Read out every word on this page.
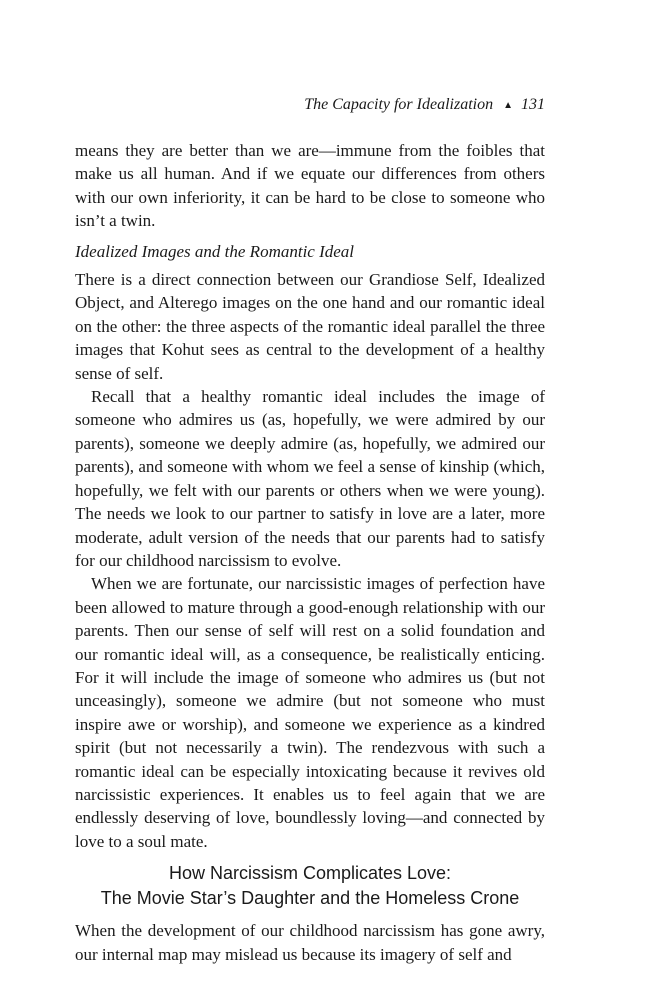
The Capacity for Idealization ▲ 131

means they are better than we are—immune from the foibles that make us all human. And if we equate our differences from others with our own inferiority, it can be hard to be close to someone who isn’t a twin.

Idealized Images and the Romantic Ideal

There is a direct connection between our Grandiose Self, Idealized Object, and Alterego images on the one hand and our romantic ideal on the other: the three aspects of the romantic ideal parallel the three images that Kohut sees as central to the development of a healthy sense of self.

Recall that a healthy romantic ideal includes the image of someone who admires us (as, hopefully, we were admired by our parents), someone we deeply admire (as, hopefully, we admired our parents), and someone with whom we feel a sense of kinship (which, hopefully, we felt with our parents or others when we were young). The needs we look to our partner to satisfy in love are a later, more moderate, adult version of the needs that our parents had to satisfy for our childhood narcissism to evolve.

When we are fortunate, our narcissistic images of perfection have been allowed to mature through a good-enough relationship with our parents. Then our sense of self will rest on a solid foundation and our romantic ideal will, as a consequence, be realistically enticing. For it will include the image of someone who admires us (but not unceasingly), someone we admire (but not someone who must inspire awe or worship), and someone we experience as a kindred spirit (but not necessarily a twin). The rendezvous with such a romantic ideal can be especially intoxicating because it revives old narcissistic experiences. It enables us to feel again that we are endlessly deserving of love, boundlessly loving—and connected by love to a soul mate.

How Narcissism Complicates Love:
The Movie Star’s Daughter and the Homeless Crone

When the development of our childhood narcissism has gone awry, our internal map may mislead us because its imagery of self and
